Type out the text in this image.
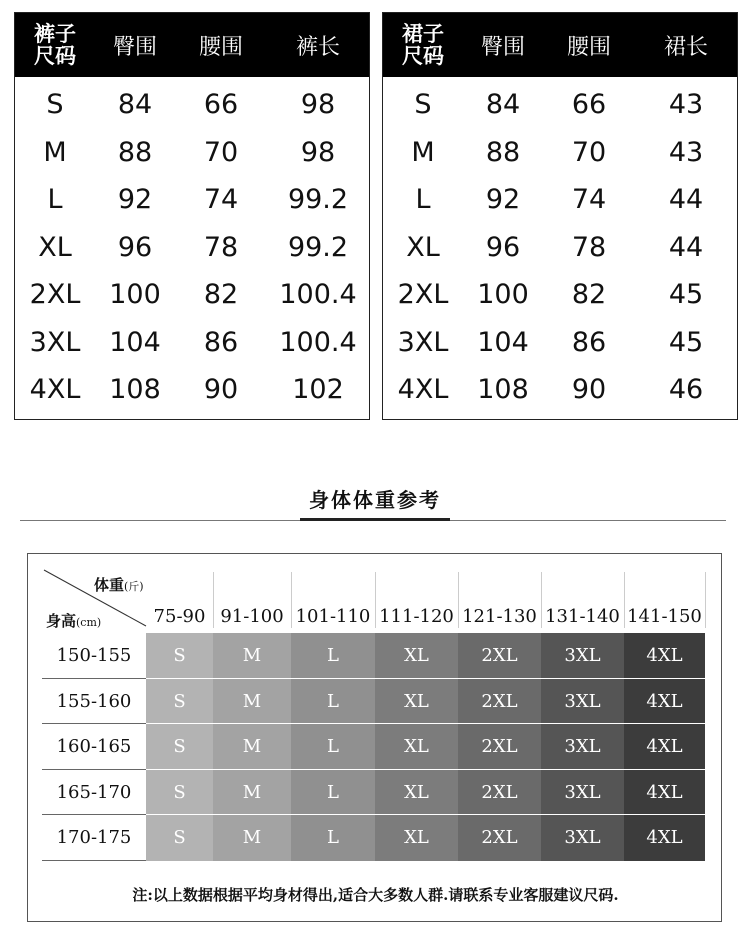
裤子
尺码	臀围	腰围	裤长
S	84	66	98
M	88	70	98
L	92	74	99.2
XL	96	78	99.2
2XL	100	82	100.4
3XL	104	86	100.4
4XL	108	90	102
裙子
尺码	臀围	腰围	裙长
S	84	66	43
M	88	70	43
L	92	74	44
XL	96	78	44
2XL	100	82	45
3XL	104	86	45
4XL	108	90	46
身体体重参考
体重(斤)
身高(cm)	75-90 91-100 101-110 111-120 121-130 131-140 141-150
150-155	S	M	L	XL	2XL	3XL	4XL
155-160	S	M	L	XL	2XL	3XL	4XL
160-165	S	M	L	XL	2XL	3XL	4XL
165-170	S	M	L	XL	2XL	3XL	4XL
170-175	S	M	L	XL	2XL	3XL	4XL
注:以上数据根据平均身材得出,适合大多数人群.请联系专业客服建议尺码.
